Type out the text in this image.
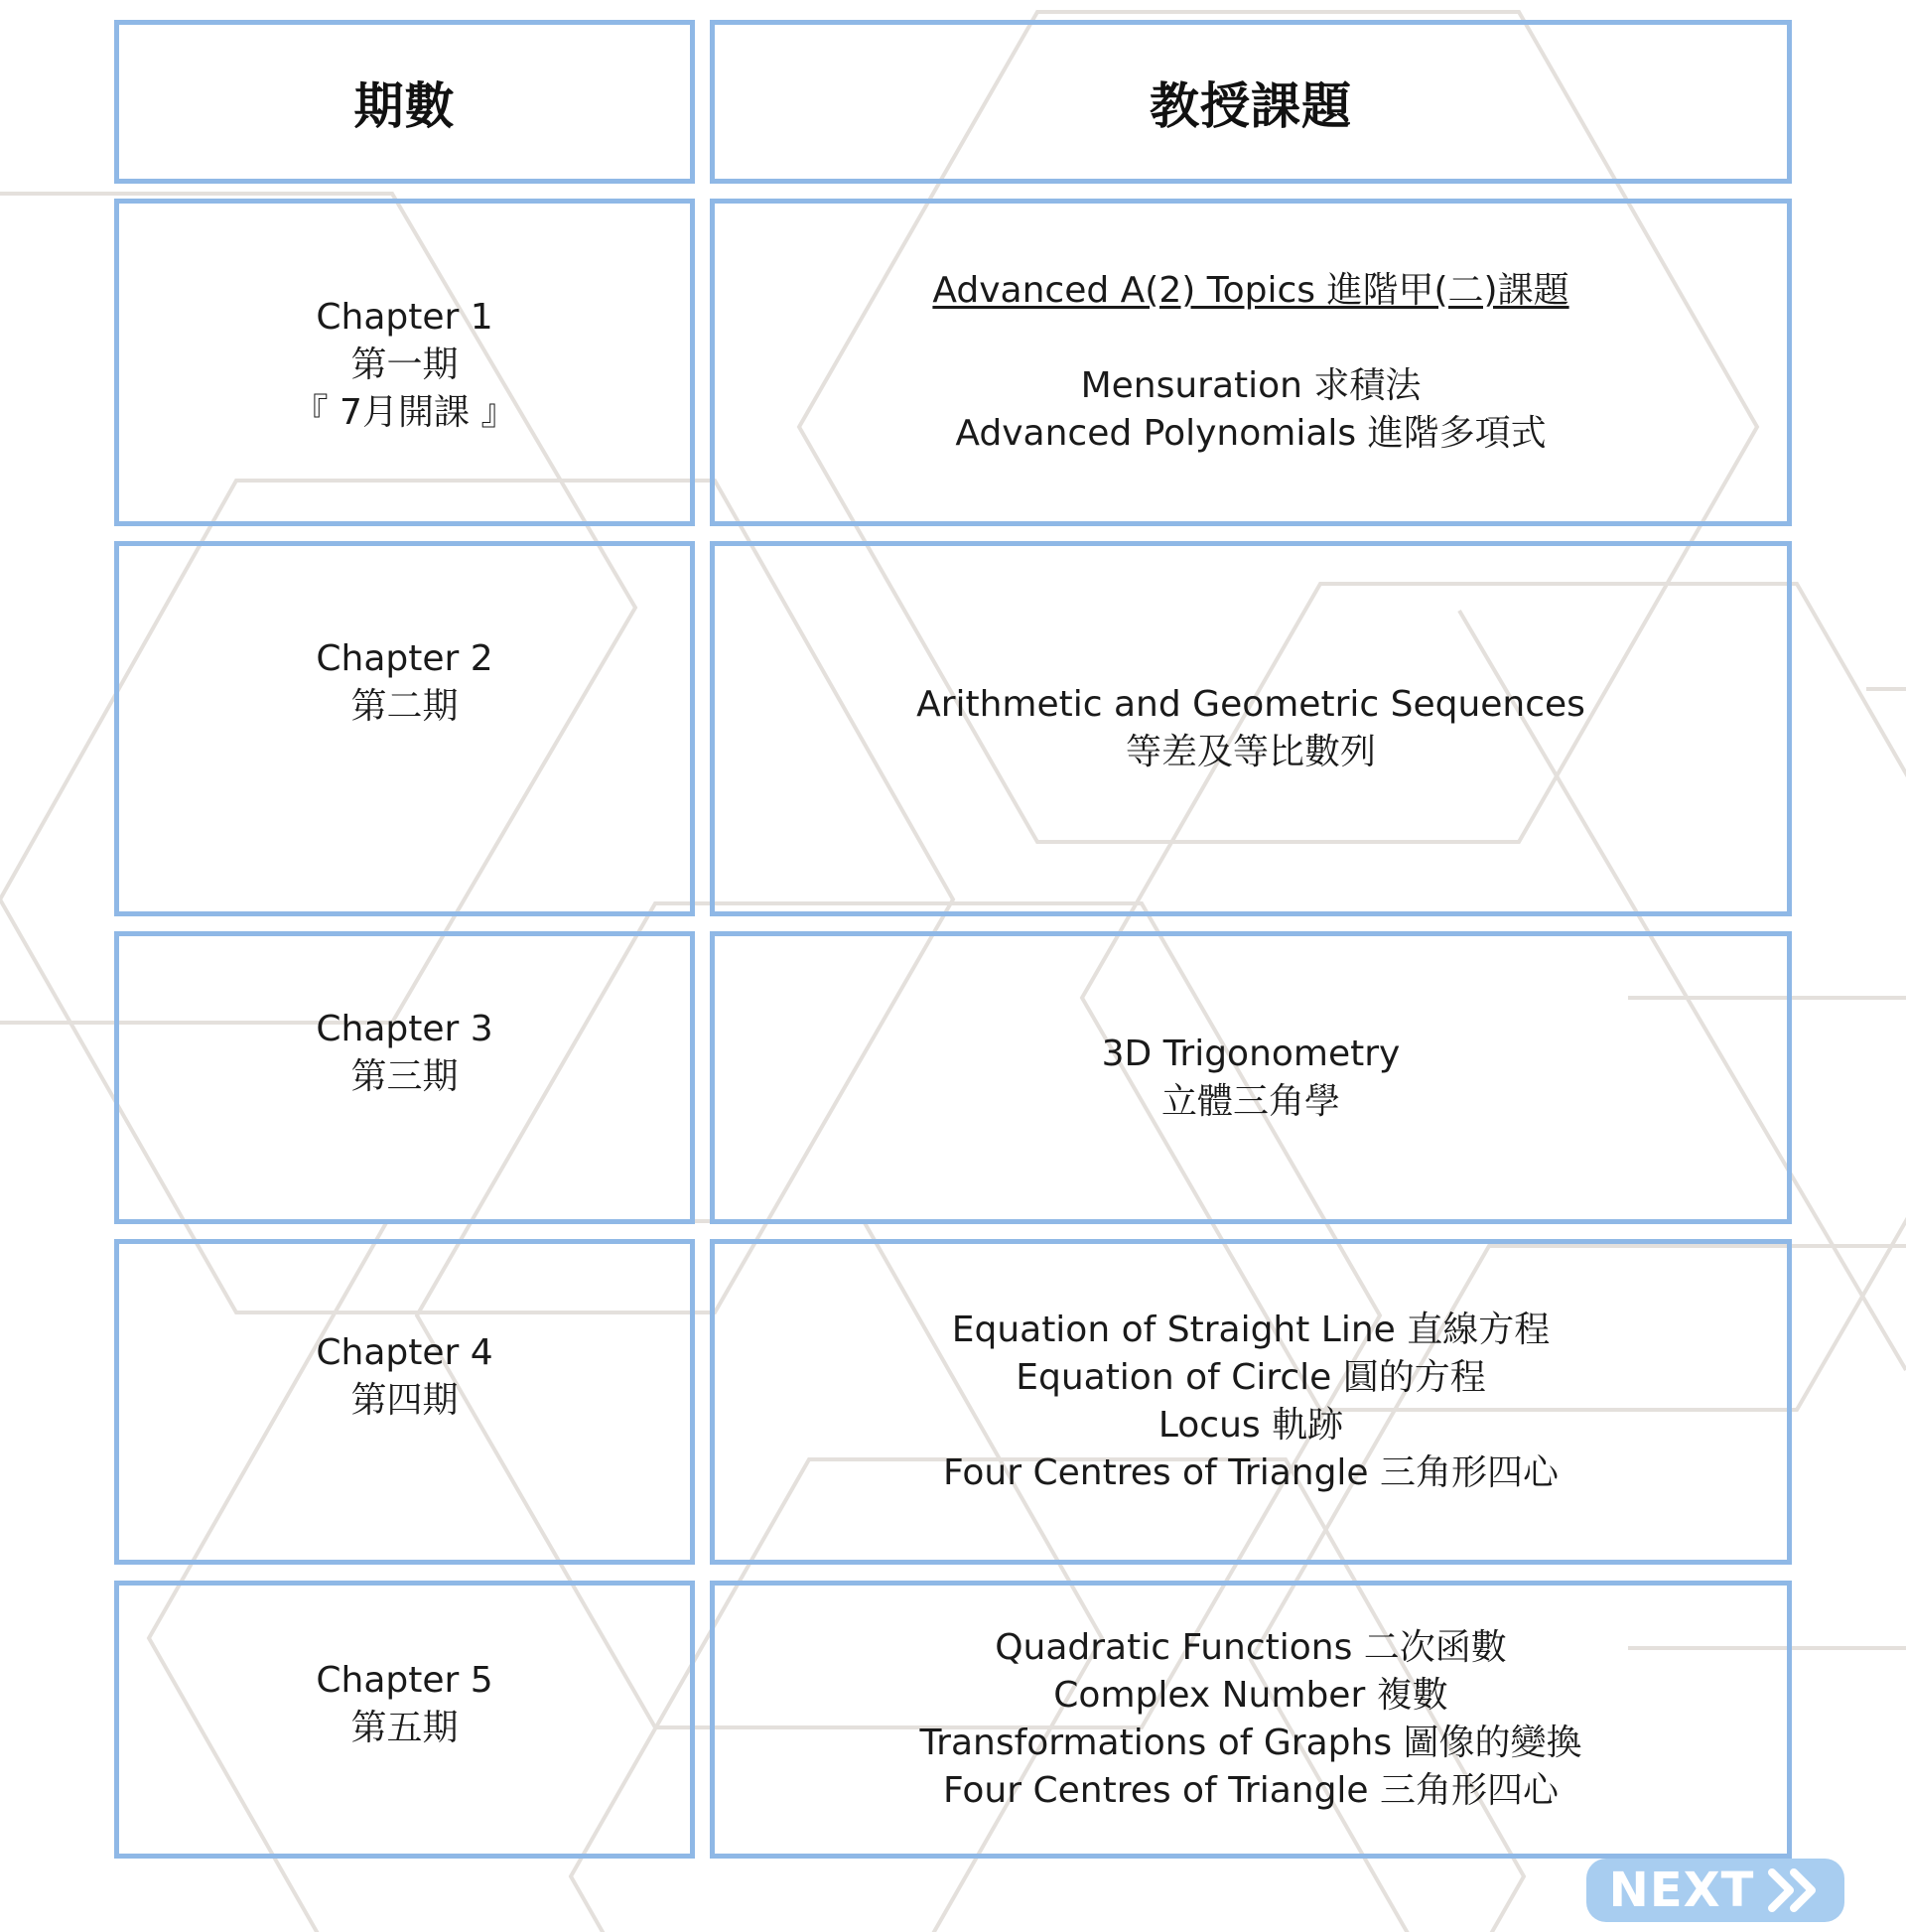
期數	教授課題
Chapter 1
第一期
『 7月開課 』
Advanced A(2) Topics 進階甲(二)課題
Mensuration 求積法
Advanced Polynomials 進階多項式
Chapter 2
第二期	Arithmetic and Geometric Sequences
等差及等比數列
Chapter 3
第三期
3D Trigonometry
立體三角學
Chapter 4
第四期
Equation of Straight Line 直線方程
Equation of Circle 圓的方程
Locus 軌跡
Four Centres of Triangle 三角形四心
Chapter 5
第五期
Quadratic Functions 二次函數
Complex Number 複數
Transformations of Graphs 圖像的變換
Four Centres of Triangle 三角形四心
NEXT
